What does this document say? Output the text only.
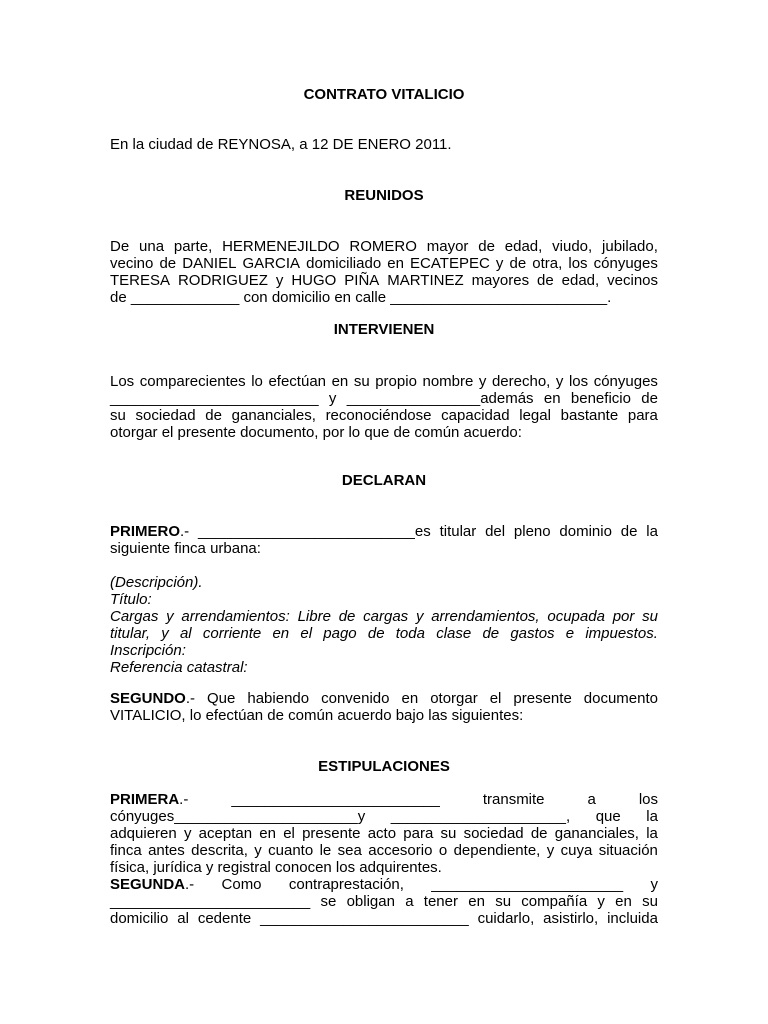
CONTRATO VITALICIO
En la ciudad de REYNOSA, a 12 DE ENERO 2011.
REUNIDOS
De una parte, HERMENEJILDO ROMERO mayor de edad, viudo, jubilado,
vecino de DANIEL GARCIA domiciliado en ECATEPEC y de otra, los cónyuges
TERESA RODRIGUEZ y HUGO PIÑA MARTINEZ mayores de edad, vecinos
de _____________ con domicilio en calle __________________________.
INTERVIENEN
Los comparecientes lo efectúan en su propio nombre y derecho, y los cónyuges
_________________________ y ________________además en beneficio de
su sociedad de gananciales, reconociéndose capacidad legal bastante para
otorgar el presente documento, por lo que de común acuerdo:
DECLARAN
PRIMERO.- __________________________es titular del pleno dominio de la
siguiente finca urbana:
(Descripción).
Título:
Cargas y arrendamientos: Libre de cargas y arrendamientos, ocupada por su
titular, y al corriente en el pago de toda clase de gastos e impuestos.
Inscripción:
Referencia catastral:
SEGUNDO.- Que habiendo convenido en otorgar el presente documento
VITALICIO, lo efectúan de común acuerdo bajo las siguientes:
ESTIPULACIONES
PRIMERA.-	_________________________	transmite	a	los
cónyuges______________________y _____________________, que la
adquieren y aceptan en el presente acto para su sociedad de gananciales, la
finca antes descrita, y cuanto le sea accesorio o dependiente, y cuya situación
física, jurídica y registral conocen los adquirentes.
SEGUNDA.- Como contraprestación, _______________________ y
________________________ se obligan a tener en su compañía y en su
domicilio al cedente _________________________ cuidarlo, asistirlo, incluida
